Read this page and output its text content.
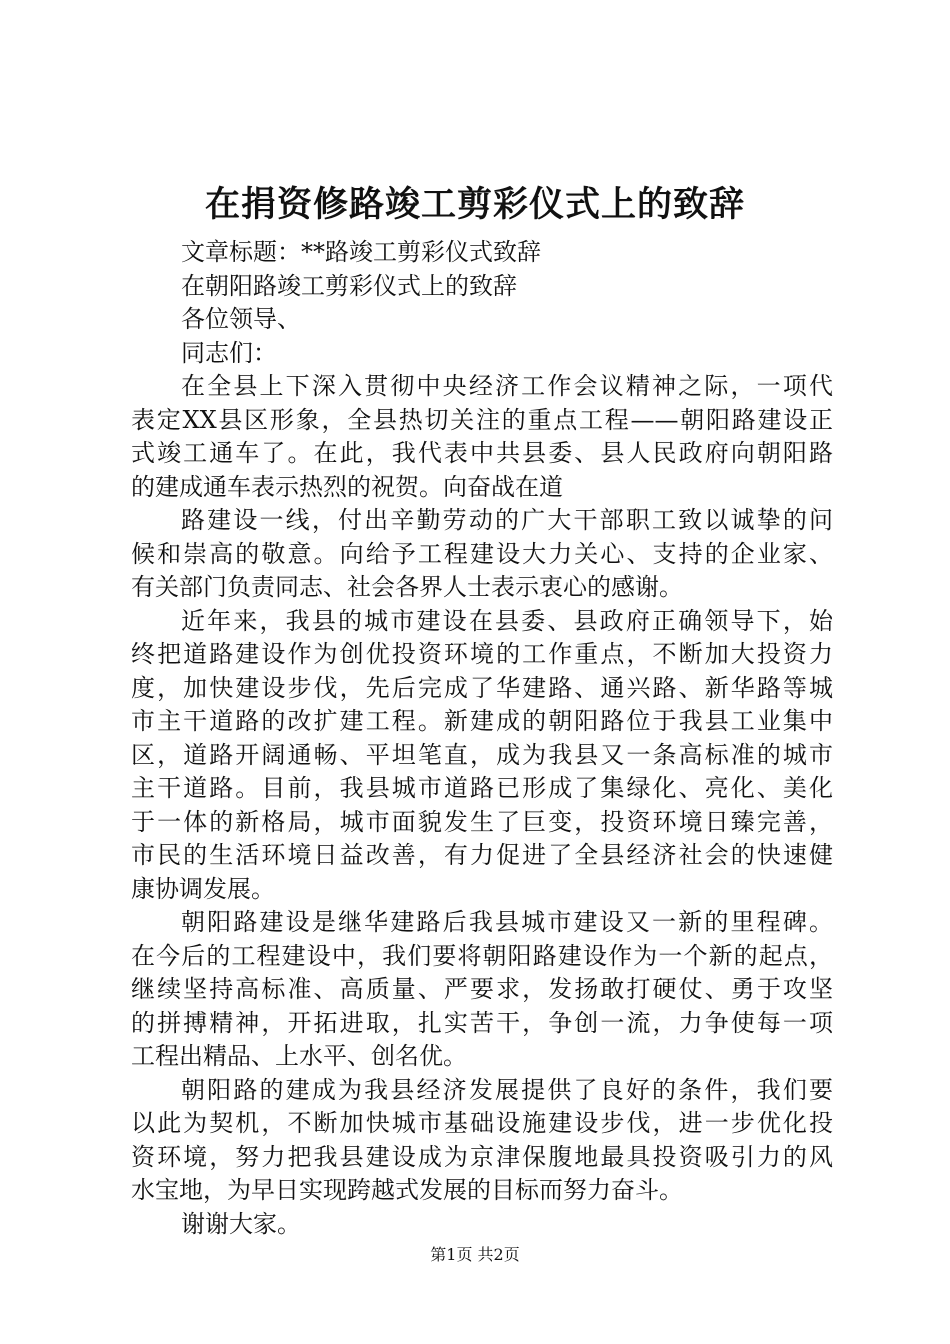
在捐资修路竣工剪彩仪式上的致辞
文章标题：**路竣工剪彩仪式致辞
在朝阳路竣工剪彩仪式上的致辞
各位领导、
同志们：
在全县上下深入贯彻中央经济工作会议精神之际，一项代
表定XX县区形象，全县热切关注的重点工程——朝阳路建设正
式竣工通车了。在此，我代表中共县委、县人民政府向朝阳路
的建成通车表示热烈的祝贺。向奋战在道
路建设一线，付出辛勤劳动的广大干部职工致以诚挚的问
候和崇高的敬意。向给予工程建设大力关心、支持的企业家、
有关部门负责同志、社会各界人士表示衷心的感谢。
近年来，我县的城市建设在县委、县政府正确领导下，始
终把道路建设作为创优投资环境的工作重点，不断加大投资力
度，加快建设步伐，先后完成了华建路、通兴路、新华路等城
市主干道路的改扩建工程。新建成的朝阳路位于我县工业集中
区，道路开阔通畅、平坦笔直，成为我县又一条高标准的城市
主干道路。目前，我县城市道路已形成了集绿化、亮化、美化
于一体的新格局，城市面貌发生了巨变，投资环境日臻完善，
市民的生活环境日益改善，有力促进了全县经济社会的快速健
康协调发展。
朝阳路建设是继华建路后我县城市建设又一新的里程碑。
在今后的工程建设中，我们要将朝阳路建设作为一个新的起点，
继续坚持高标准、高质量、严要求，发扬敢打硬仗、勇于攻坚
的拼搏精神，开拓进取，扎实苦干，争创一流，力争使每一项
工程出精品、上水平、创名优。
朝阳路的建成为我县经济发展提供了良好的条件，我们要
以此为契机，不断加快城市基础设施建设步伐，进一步优化投
资环境，努力把我县建设成为京津保腹地最具投资吸引力的风
水宝地，为早日实现跨越式发展的目标而努力奋斗。
谢谢大家。
第1页 共2页
